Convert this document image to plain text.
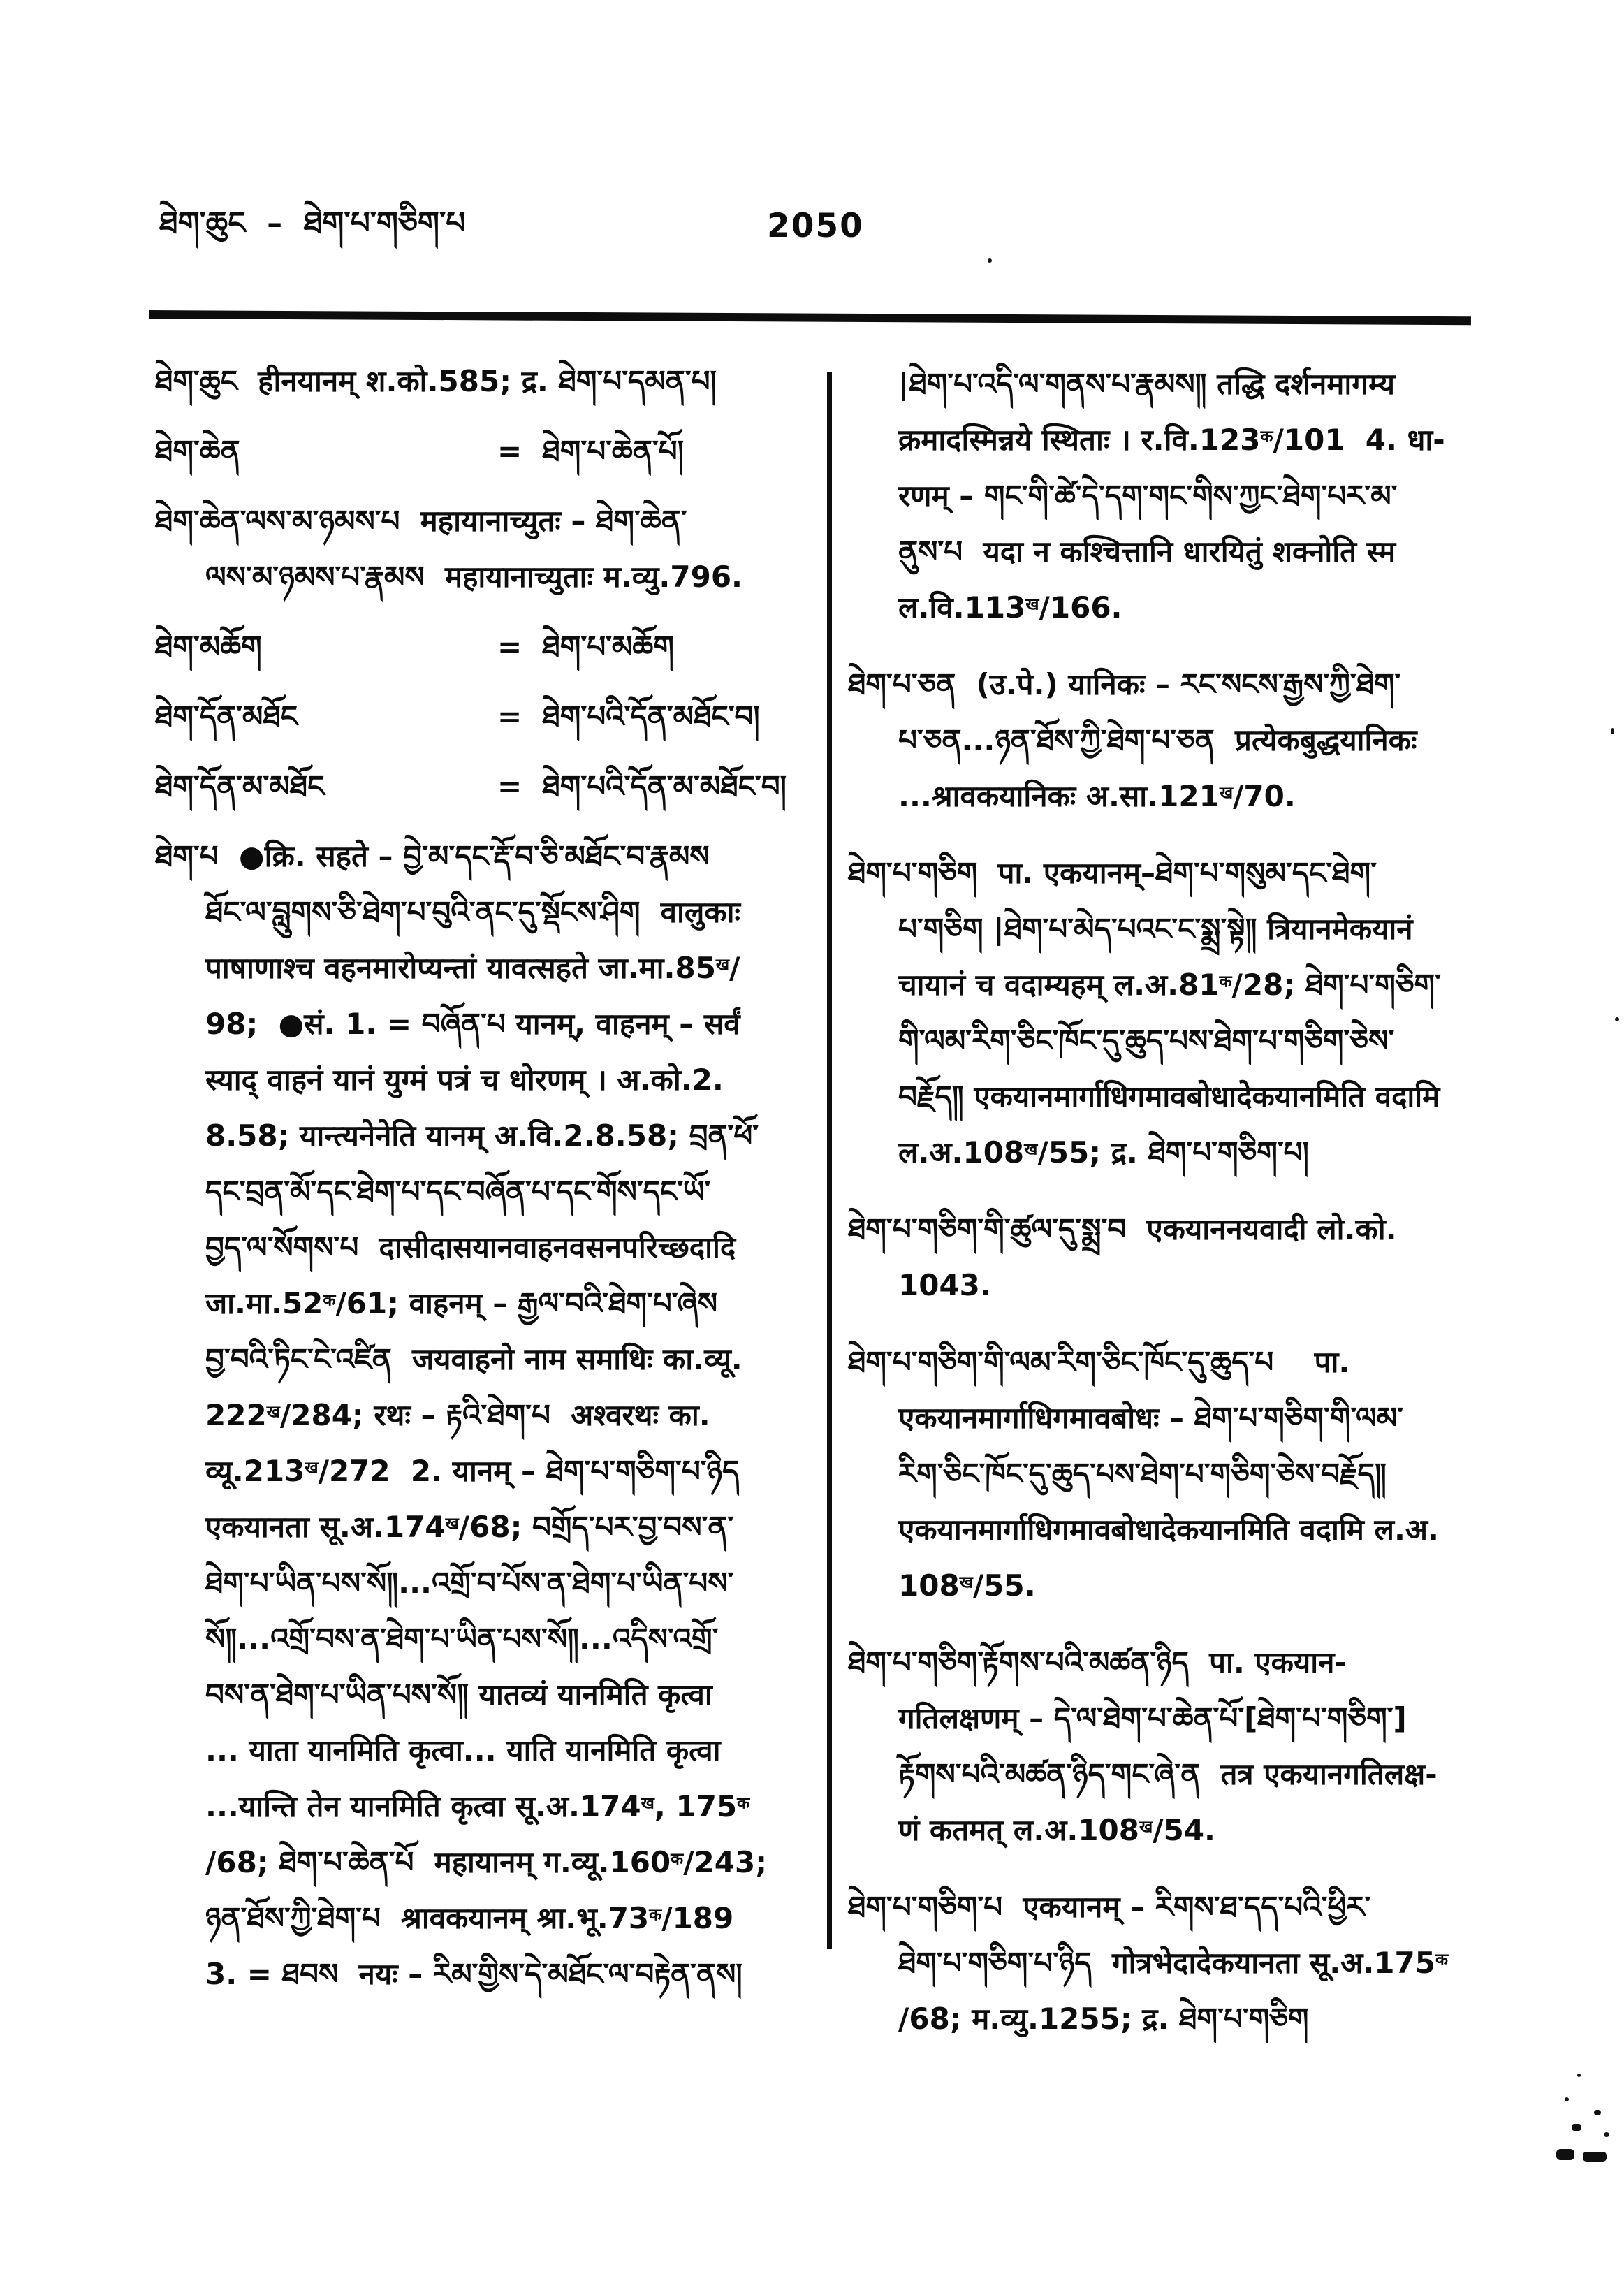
ཐེག་ཆུང  –  ཐེག་པ་གཅིག་པ	2050
ཐེག་ཆུང  हीनयानम् श.को.585; द्र. ཐེག་པ་དམན་པ།
ཐེག་ཆེན	=  ཐེག་པ་ཆེན་པོ།
ཐེག་ཆེན་ལས་མ་ཉམས་པ  महायानाच्युतः – ཐེག་ཆེན་
ལས་མ་ཉམས་པ་རྣམས  महायानाच्युताः म.व्यु.796.
ཐེག་མཆོག	=  ཐེག་པ་མཆོག
ཐེག་དོན་མཐོང	=  ཐེག་པའི་དོན་མཐོང་བ།
ཐེག་དོན་མ་མཐོང	=  ཐེག་པའི་དོན་མ་མཐོང་བ།
ཐེག་པ  ●क्रि. सहते – བྱེ་མ་དང་རྡོ་བ་ཅི་མཐོང་བ་རྣམས
ཐོང་ལ་བླུགས་ཅི་ཐེག་པ་བུའི་ནང་དུ་སྡོངས་ཤིག  वालुकाः
पाषाणाश्च वहनमारोप्यन्तां यावत्सहते $जा.मा.85^ख/$
98;  ●सं. 1. = བཞོན་པ यानम्, वाहनम् – सर्वं
स्याद् वाहनं यानं युग्मं पत्रं च धोरणम् । अ.को.2.
8.58; यान्त्यनेनेति यानम् अ.वि.2.8.58; བྲན་ཕོ་
དང་བྲན་མོ་དང་ཐེག་པ་དང་བཞོན་པ་དང་གོས་དང་ཡོ་
བྱད་ལ་སོགས་པ  दासीदासयानवाहनवसनपरिच्छदादि
$जा.मा.52^क/61$; वाहनम् – རྒྱལ་བའི་ཐེག་པ་ཞེས
བྱ་བའི་ཏིང་ངེ་འཛིན  जयवाहनो नाम समाधिः का.व्यू.
$222^ख/284$; रथः – རྟའི་ཐེག་པ  अश्वरथः का.
$व्यू.213^ख/272$  2. यानम् – ཐེག་པ་གཅིག་པ་ཉིད
एकयानता $सू.अ.174^ख/68$; བགྲོད་པར་བྱ་བས་ན་
ཐེག་པ་ཡིན་པས་སོ༎...འགྲོ་བ་པོས་ན་ཐེག་པ་ཡིན་པས་
སོ༎...འགྲོ་བས་ན་ཐེག་པ་ཡིན་པས་སོ༎...འདིས་འགྲོ་
བས་ན་ཐེག་པ་ཡིན་པས་སོ༎ यातव्यं यानमिति कृत्वा
... याता यानमिति कृत्वा... याति यानमिति कृत्वा
...यान्ति तेन यानमिति कृत्वा $सू.अ.174^ख$, $175^क$
/68; ཐེག་པ་ཆེན་པོ  महायानम् $ग.व्यू.160^क/243$;
ཉན་ཐོས་ཀྱི་ཐེག་པ  श्रावकयानम् $श्रा.भू.73^क/189$
3. = ཐབས  नयः – རིམ་གྱིས་དེ་མཐོང་ལ་བརྟེན་ནས།
|ཐེག་པ་འདི་ལ་གནས་པ་རྣམས༎ तद्धि दर्शनमागम्य
क्रमादस्मिन्नये स्थिताः । $र.वि.123^क/101$  4. धा-
रणम् – གང་གི་ཚེ་དེ་དག་གང་གིས་ཀྱང་ཐེག་པར་མ་
ནུས་པ  यदा न कश्चित्तानि धारयितुं शक्नोति स्म
$ल.वि.113^ख/166$.
ཐེག་པ་ཅན  (उ.पे.) यानिकः – རང་སངས་རྒྱས་ཀྱི་ཐེག་
པ་ཅན...ཉན་ཐོས་ཀྱི་ཐེག་པ་ཅན  प्रत्येकबुद्धयानिकः
...श्रावकयानिकः $अ.सा.121^ख/70$.
ཐེག་པ་གཅིག  पा. एकयानम्–ཐེག་པ་གསུམ་དང་ཐེག་
པ་གཅིག |ཐེག་པ་མེད་པའང་ང་སྨྲ་སྟེ༎ त्रियानमेकयानं
चायानं च वदाम्यहम् $ल.अ.81^क/28$; ཐེག་པ་གཅིག་
གི་ལམ་རིག་ཅིང་ཁོང་དུ་ཆུད་པས་ཐེག་པ་གཅིག་ཅེས་
བརྗོད༎ एकयानमार्गाधिगमावबोधादेकयानमिति वदामि
$ल.अ.108^ख/55$; द्र. ཐེག་པ་གཅིག་པ།
ཐེག་པ་གཅིག་གི་ཚུལ་དུ་སྨྲ་བ  एकयाननयवादी लो.को.
1043.
ཐེག་པ་གཅིག་གི་ལམ་རིག་ཅིང་ཁོང་དུ་ཆུད་པ    पा.
एकयानमार्गाधिगमावबोधः – ཐེག་པ་གཅིག་གི་ལམ་
རིག་ཅིང་ཁོང་དུ་ཆུད་པས་ཐེག་པ་གཅིག་ཅེས་བརྗོད༎
एकयानमार्गाधिगमावबोधादेकयानमिति वदामि ल.अ.
$108^ख/55$.
ཐེག་པ་གཅིག་རྟོགས་པའི་མཚན་ཉིད  पा. एकयान-
गतिलक्षणम् – དེ་ལ་ཐེག་པ་ཆེན་པོ་[ཐེག་པ་གཅིག་]
རྟོགས་པའི་མཚན་ཉིད་གང་ཞེ་ན  तत्र एकयानगतिलक्ष-
णं कतमत् $ल.अ.108^ख/54$.
ཐེག་པ་གཅིག་པ  एकयानम् – རིགས་ཐ་དད་པའི་ཕྱིར་
ཐེག་པ་གཅིག་པ་ཉིད  गोत्रभेदादेकयानता $सू.अ.175^क$
/68; म.व्यु.1255; द्र. ཐེག་པ་གཅིག
